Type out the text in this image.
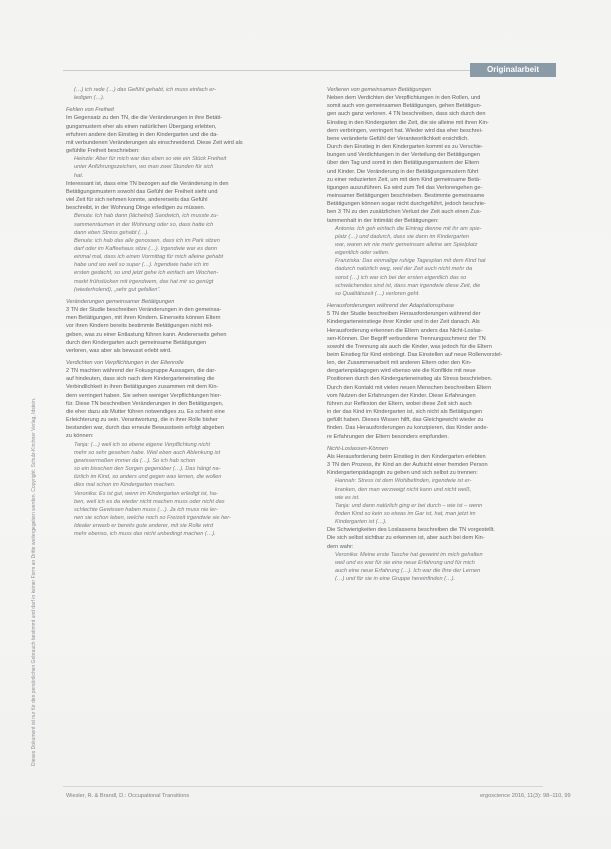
Originalarbeit
Dieses Dokument ist nur für den persönlichen Gebrauch bestimmt und darf in keiner Form an Dritte weitergegeben werden. Copyright: Schulz-Kirchner Verlag, Idstein.

(…) ich rede (…) das Gefühl gehabt, ich muss einfach er-

ledigen (…).

Fehlen von Freiheit

Im Gegensatz zu den TN, die die Veränderungen in ihre Betäti-

gungsmustern eher als einen natürlichen Übergang erlebten,

erfuhren andere den Einstieg in den Kindergarten und die da-

mit verbundenen Veränderungen als einschneidend. Diese Zeit wird als

gefühlte Freiheit beschrieben:

Heinzle: Aber für mich war das eben so wie ein Stück Freiheit

unter Anführungszeichen, wo man zwei Stunden für sich

hat.

Interessant ist, dass eine TN bezogen auf die Veränderung in den

Betätigungsmustern sowohl das Gefühl der Freiheit sieht und

viel Zeit für sich nehmen konnte, andererseits das Gefühl

beschreibt, in der Wohnung Dinge erledigen zu müssen.

Benuta: Ich hab dann (lächelnd) Sandwich, ich musste zu-

sammenräumen in der Wohnung oder so, dass hatte ich

dann eben Stress gehabt (…).

Benuta: ich hab das alle genossen, dass ich im Park sitzen

darf oder im Kaffeehaus sitze (…). Irgendwie war es dann

einmal mal, dass ich einen Vormittag für mich alleine gehabt

habe und wo weil so super (…). Irgendwie habe ich im

ersten gedacht, so und jetzt gehe ich einfach am Wochen-

markt frühstücken mit irgendwem, das hat mir so genügt

(wiederholend), „sehr gut gefallen“.

Veränderungen gemeinsamer Betätigungen

3 TN der Studie beschreiben Veränderungen in den gemeinsa-

men Betätigungen, mit ihren Kindern. Einerseits können Eltern

vor ihren Kindern bereits bestimmte Betätigungen nicht mit-

geben, was zu einer Entlastung führen kann. Andererseits gehen

durch den Kindergarten auch gemeinsame Betätigungen

verloren, was aber als bewusst erlebt wird.

Verdichten von Verpflichtungen in der Eltenrolle

2 TN machten während der Fokusgruppe Aussagen, die dar-

auf hindeuten, dass sich nach dem Kindergarteneinstieg die

Verbindlichkeit in ihren Betätigungen zusammen mit dem Kin-

dern verringert haben. Sie sehen weniger Verpflichtungen hier-

für. Diese TN beschreiben Veränderungen in den Betätigungen,

die eher dazu als Mutter führen notwendiges zu. Es scheint eine

Erleichterung zu sein. Verantwortung, die in ihrer Rolle bisher

bestanden war, durch das erneute Bewusstsein erfolgt abgeben

zu können:

Tanja: (…) weil ich so ebene eigene Verpflichtung nicht

mehr so sehr gesehen habe. Weil eben auch Ablenkung ist

gewissermaßen immer da (…). So ich hab schon

so ein bisschen den Sorgen gegenüber (…). Das hängt na-

türlich im Kind, so anders und gegen was lernen, die wollen

dies mal schon im Kindergarten machen.

Veronika: Es ist gut, wenn im Kindergarten erledigt ist, ha-

ben, weil ich es da wieder nicht machen muss oder nicht das

schlechte Gewissen haben muss (…). Ja ich muss nie ler-

nen sie schon leben, welche noch so Freizeit irgendwie sie her-

Idealer erwarb er bereits gute anderer, mit sie Rolle wird

mehr ebenso, ich muss das nicht unbedingt machen (…).

Verlieren von gemeinsamen Betätigungen

Neben dem Verdichten der Verpflichtungen in den Rollen, und

somit auch von gemeinsamen Betätigungen, gehen Betätigun-

gen auch ganz verloren. 4 TN beschreiben, dass sich durch den

Einstieg in den Kindergarten die Zeit, die sie alleine mit ihren Kin-

dern verbringen, verringert hat. Wieder wird das eher beschrei-

bene veränderte Gefühl der Verantwortlichkeit ersichtlich.

Durch den Einstieg in den Kindergarten kommt es zu Verschie-

bungen und Verdichtungen in der Verteilung der Betätigungen

über den Tag und somit in den Betätigungsmustern der Eltern

und Kinder. Die Veränderung in der Betätigungsmustern führt

zu einer reduzierten Zeit, um mit dem Kind gemeinsame Betä-

tigungen auszuführen. Es wird zum Teil das Verlorengehen ge-

meinsamer Betätigungen beschrieben. Bestimmte gemeinsame

Betätigungen können sogar nicht durchgeführt, jedoch beschrie-

ben 3 TN zu den zusätzlichen Verlust der Zeit auch einen Zus-

tammenhalt in der Intimität der Betätigungen:

Antonia: Ich geh einfach die Eintrag dienne mit ihr am spie-

platz (…) und dadurch, dass sie dann im Kindergarten

war, waren wir nie mehr gemeinsam alleine am Spielplatz

eigentlich oder selten.

Franziska: Das einmalige ruhige Tagesplan mit dem Kind hat

dadurch natürlich weg, weil der Zeit auch nicht mehr da

sonst (…) ich war ich bei der ersten eigentlich das so

schwächendes sind ist, dass man irgendwie diese Zeit, die

so Qualitätszeit (…) verloren geht.

Herausforderungen während der Adaptationsphase

5 TN der Studie beschreiben Herausforderungen während der

Kindergarteneinstiege ihrer Kinder und in der Zeit danach. Als

Herausforderung erkennen die Eltern anders das Nicht-Loslas-

sen-Können. Der Begriff verbundene Trennungsschmerz der TN

sowohl die Trennung als auch die Kinder, was jedoch für die Eltern

beim Einstieg für Kind einbringt. Das Einstellen auf neue Rollenvorstel-

len, der Zusammenarbeit mit anderen Eltern oder den Kin-

dergartenpädagogen wird ebenso wie die Konflikte mit neue

Positionen durch den Kindergarteneinstieg als Stress beschrieben.

Durch den Kontakt mit vielen neuen Menschen beschreiben Eltern

vom Nutzen der Erfahrungen der Kinder. Diese Erfahrungen

führen zur Reflexion der Eltern, wobei diese Zeit sich auch

in der das Kind im Kindergarten ist, sich nicht als Betätigungen

gefüllt haben. Dieses Wissen hilft, das Gleichgewicht wieder zu

finden. Das Herausforderungen zu konzipieren, das Kinder ande-

re Erfahrungen der Eltern besonders empfunden.

Nicht-Loslassen-Können

Als Herausforderung beim Einstieg in den Kindergarten erlebten

3 TN den Prozess, ihr Kind an der Aufsicht einer fremden Person

Kindergartenpädagogin zu geben und sich selbst zu trennen:

Hannah: Stress ist dem Wohlbefinden, irgendwie ist er-

kranken, den man verzweigt nicht kann und nicht weiß,

wie es ist.

Tanja: und dann natürlich ging er bei durch – wie ist – wenn

finden Kind so kein so etwas im Gar ist, hat, man jetzt im

Kindergarten ist (…).

Die Schwierigkeiten des Loslassens beschreiben die TN vorgestellt.

Die sich selbst sichtbar zu erkennen ist, aber auch bei dem Kin-

dern wahr:

Veronika: Meine erste Tasche hat geweint im mich gehalten

weil und es war für sie eine neue Erfahrung und für mich

auch eine neue Erfahrung (…). Ich war die Ihre der Lernen

(…) und für sie in eine Gruppe hereinfinden (…).

Wiesler, R. & Brandl, D.: Occupational Transitions	ergoscience 2016, 11(3): 98–110, 99
